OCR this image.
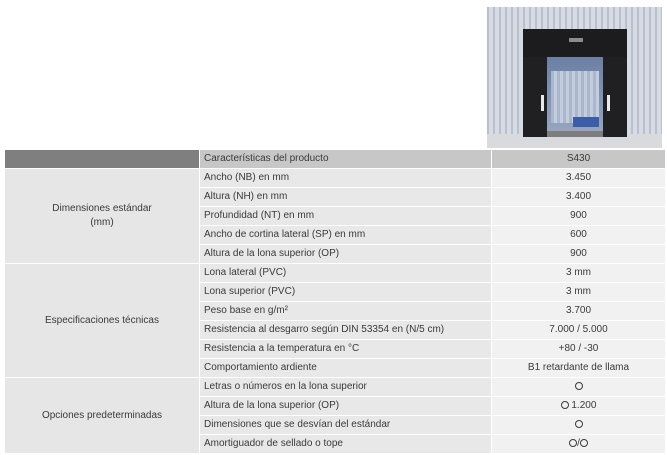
	Características del producto	S430
Dimensiones estándar
(mm)	Ancho (NB) en mm	3.450
	Altura (NH) en mm	3.400
	Profundidad (NT) en mm	900
	Ancho de cortina lateral (SP) en mm	600
	Altura de la lona superior (OP)	900
Especificaciones técnicas	Lona lateral (PVC)	3 mm
	Lona superior (PVC)	3 mm
	Peso base en g/m²	3.700
	Resistencia al desgarro según DIN 53354 en (N/5 cm)	7.000 / 5.000
	Resistencia a la temperatura en °C	+80 / -30
	Comportamiento ardiente	B1 retardante de llama
Opciones predeterminadas	Letras o números en la lona superior	
	Altura de la lona superior (OP)	1.200
	Dimensiones que se desvían del estándar	
	Amortiguador de sellado o tope	/
